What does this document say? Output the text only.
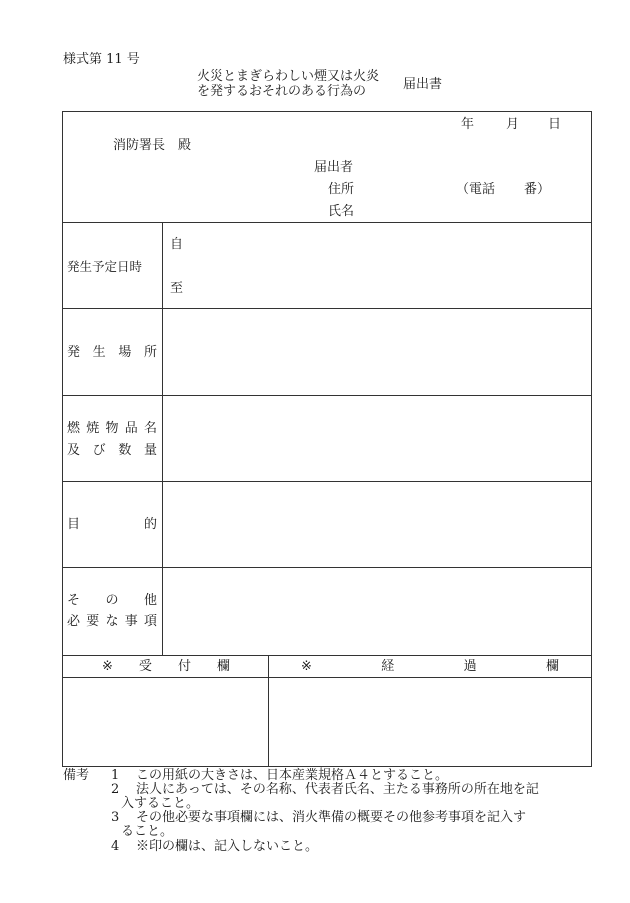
様式第 11 号
火災とまぎらわしい煙又は火炎
を発するおそれのある行為の	届出書
年 月 日
消防署長　殿
届出者
住所	（電話 番）
氏名
発生予定日時
自
至
発 生 場 所
燃 焼 物 品 名
及 び 数 量
目	的
そ の 他
必 要 な 事 項
※ 受 付 欄	※	経	過	欄
備考 1 この用紙の大きさは、日本産業規格Ａ４とすること。
2 法人にあっては、その名称、代表者氏名、主たる事務所の所在地を記
入すること。
3 その他必要な事項欄には、消火準備の概要その他参考事項を記入す
ること。
4 ※印の欄は、記入しないこと。
